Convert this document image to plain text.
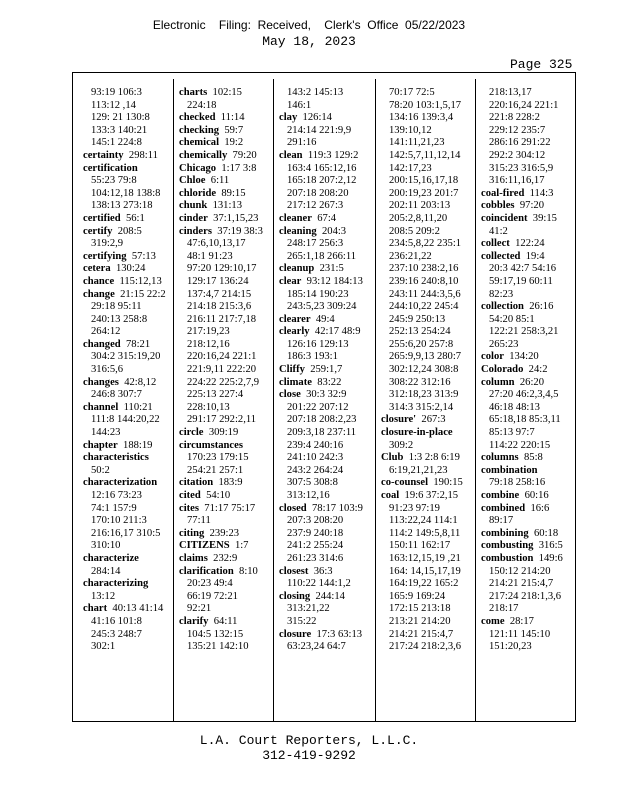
Electronic    Filing:  Received,    Clerk's  Office  05/22/2023
May 18, 2023
Page 325
93:19 106:3
113:12 ,14
129: 21 130:8
133:3 140:21
145:1 224:8
certainty 298:11
certification
55:23 79:8
104:12,18 138:8
138:13 273:18
certified 56:1
certify 208:5
319:2,9
certifying 57:13
cetera 130:24
chance 115:12,13
change 21:15 22:2
29:18 95:11
240:13 258:8
264:12
changed 78:21
304:2 315:19,20
316:5,6
changes 42:8,12
246:8 307:7
channel 110:21
111:8 144:20,22
144:23
chapter 188:19
characteristics
50:2
characterization
12:16 73:23
74:1 157:9
170:10 211:3
216:16,17 310:5
310:10
characterize
284:14
characterizing
13:12
chart 40:13 41:14
41:16 101:8
245:3 248:7
302:1
charts 102:15
224:18
checked 11:14
checking 59:7
chemical 19:2
chemically 79:20
Chicago 1:17 3:8
Chloe 6:11
chloride 89:15
chunk 131:13
cinder 37:1,15,23
cinders 37:19 38:3
47:6,10,13,17
48:1 91:23
97:20 129:10,17
129:17 136:24
137:4,7 214:15
214:18 215:3,6
216:11 217:7,18
217:19,23
218:12,16
220:16,24 221:1
221:9,11 222:20
224:22 225:2,7,9
225:13 227:4
228:10,13
291:17 292:2,11
circle 309:19
circumstances
170:23 179:15
254:21 257:1
citation 183:9
cited 54:10
cites 71:17 75:17
77:11
citing 239:23
CITIZENS 1:7
claims 232:9
clarification 8:10
20:23 49:4
66:19 72:21
92:21
clarify 64:11
104:5 132:15
135:21 142:10
143:2 145:13
146:1
clay 126:14
214:14 221:9,9
291:16
clean 119:3 129:2
163:4 165:12,16
165:18 207:2,12
207:18 208:20
217:12 267:3
cleaner 67:4
cleaning 204:3
248:17 256:3
265:1,18 266:11
cleanup 231:5
clear 93:12 184:13
185:14 190:23
243:5,23 309:24
clearer 49:4
clearly 42:17 48:9
126:16 129:13
186:3 193:1
Cliffy 259:1,7
climate 83:22
close 30:3 32:9
201:22 207:12
207:18 208:2,23
209:3,18 237:11
239:4 240:16
241:10 242:3
243:2 264:24
307:5 308:8
313:12,16
closed 78:17 103:9
207:3 208:20
237:9 240:18
241:2 255:24
261:23 314:6
closest 36:3
110:22 144:1,2
closing 244:14
313:21,22
315:22
closure 17:3 63:13
63:23,24 64:7
70:17 72:5
78:20 103:1,5,17
134:16 139:3,4
139:10,12
141:11,21,23
142:5,7,11,12,14
142:17,23
200:15,16,17,18
200:19,23 201:7
202:11 203:13
205:2,8,11,20
208:5 209:2
234:5,8,22 235:1
236:21,22
237:10 238:2,16
239:16 240:8,10
243:11 244:3,5,6
244:10,22 245:4
245:9 250:13
252:13 254:24
255:6,20 257:8
265:9,9,13 280:7
302:12,24 308:8
308:22 312:16
312:18,23 313:9
314:3 315:2,14
closure' 267:3
closure-in-place
309:2
Club 1:3 2:8 6:19
6:19,21,21,23
co-counsel 190:15
coal 19:6 37:2,15
91:23 97:19
113:22,24 114:1
114:2 149:5,8,11
150:11 162:17
163:12,15,19 ,21
164: 14,15,17,19
164:19,22 165:2
165:9 169:24
172:15 213:18
213:21 214:20
214:21 215:4,7
217:24 218:2,3,6
218:13,17
220:16,24 221:1
221:8 228:2
229:12 235:7
286:16 291:22
292:2 304:12
315:23 316:5,9
316:11,16,17
coal-fired 114:3
cobbles 97:20
coincident 39:15
41:2
collect 122:24
collected 19:4
20:3 42:7 54:16
59:17,19 60:11
82:23
collection 26:16
54:20 85:1
122:21 258:3,21
265:23
color 134:20
Colorado 24:2
column 26:20
27:20 46:2,3,4,5
46:18 48:13
65:18,18 85:3,11
85:13 97:7
114:22 220:15
columns 85:8
combination
79:18 258:16
combine 60:16
combined 16:6
89:17
combining 60:18
combusting 316:5
combustion 149:6
150:12 214:20
214:21 215:4,7
217:24 218:1,3,6
218:17
come 28:17
121:11 145:10
151:20,23
L.A. Court Reporters, L.L.C.
312-419-9292
